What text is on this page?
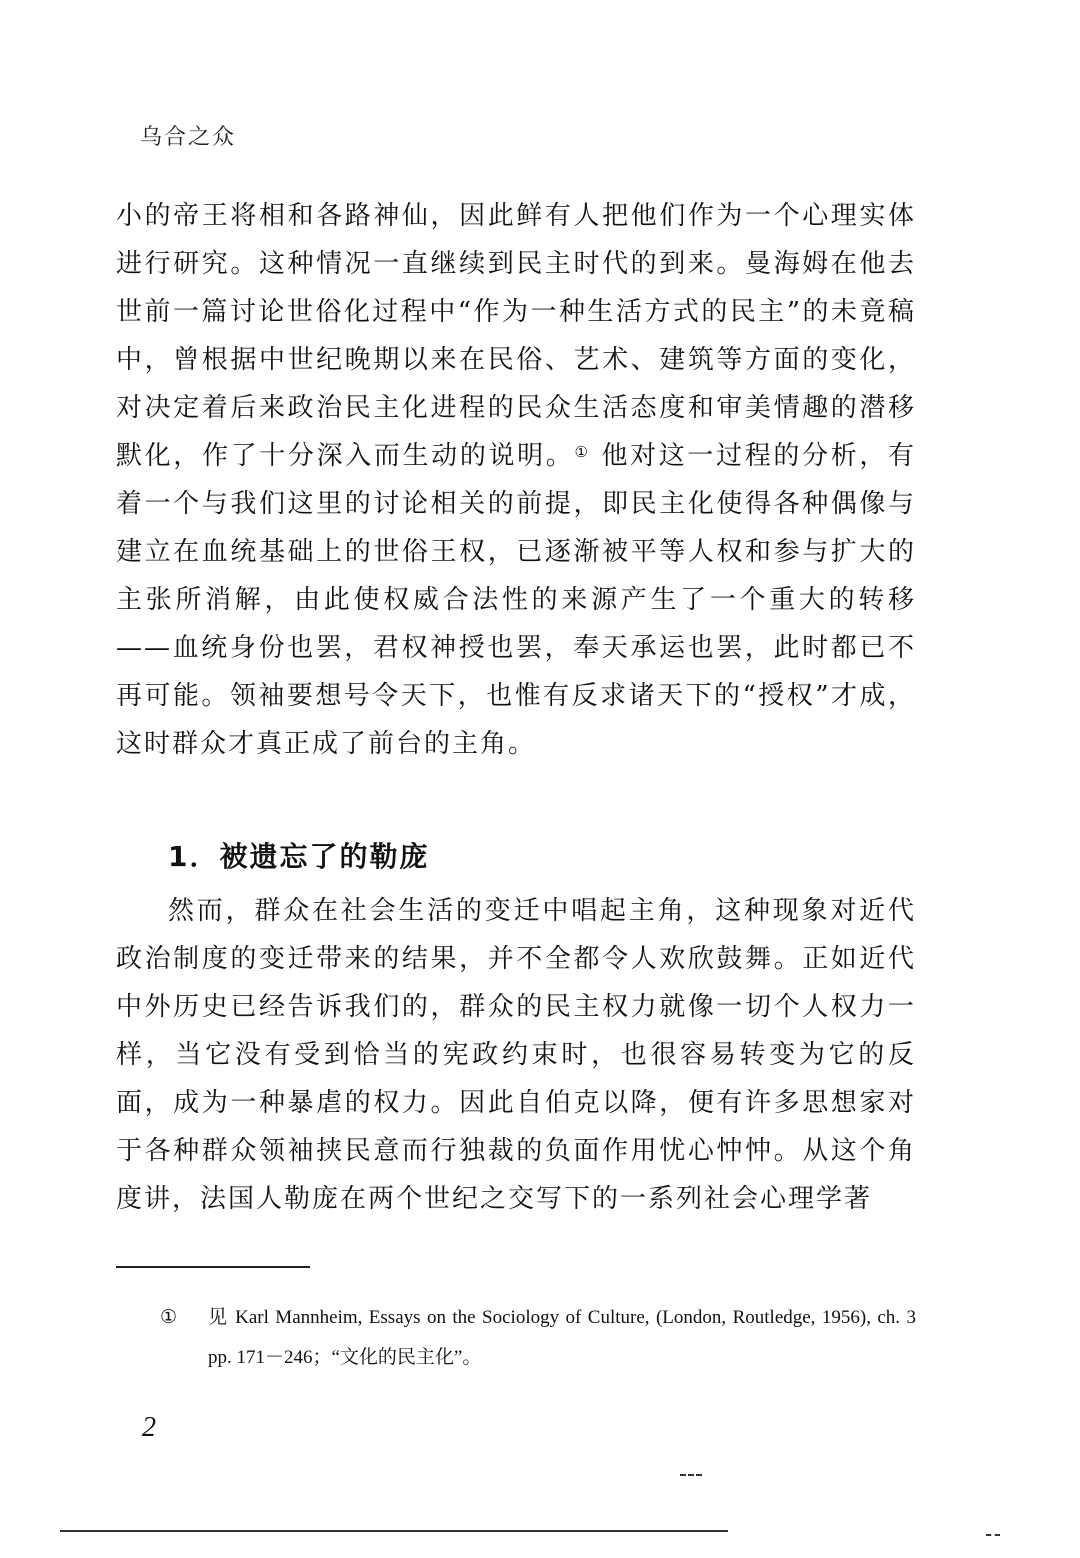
乌合之众

小的帝王将相和各路神仙，因此鲜有人把他们作为一个心理实体进行研究。这种情况一直继续到民主时代的到来。曼海姆在他去世前一篇讨论世俗化过程中“作为一种生活方式的民主”的未竟稿中，曾根据中世纪晚期以来在民俗、艺术、建筑等方面的变化，对决定着后来政治民主化进程的民众生活态度和审美情趣的潜移默化，作了十分深入而生动的说明。① 他对这一过程的分析，有着一个与我们这里的讨论相关的前提，即民主化使得各种偶像与建立在血统基础上的世俗王权，已逐渐被平等人权和参与扩大的主张所消解，由此使权威合法性的来源产生了一个重大的转移——血统身份也罢，君权神授也罢，奉天承运也罢，此时都已不再可能。领袖要想号令天下，也惟有反求诸天下的“授权”才成，这时群众才真正成了前台的主角。

1．被遗忘了的勒庞

然而，群众在社会生活的变迁中唱起主角，这种现象对近代政治制度的变迁带来的结果，并不全都令人欢欣鼓舞。正如近代中外历史已经告诉我们的，群众的民主权力就像一切个人权力一样，当它没有受到恰当的宪政约束时，也很容易转变为它的反面，成为一种暴虐的权力。因此自伯克以降，便有许多思想家对于各种群众领袖挟民意而行独裁的负面作用忧心忡忡。从这个角度讲，法国人勒庞在两个世纪之交写下的一系列社会心理学著

①	见 Karl Mannheim, Essays on the Sociology of Culture, (London, Routledge, 1956), ch. 3 pp. 171－246；“文化的民主化”。

2
